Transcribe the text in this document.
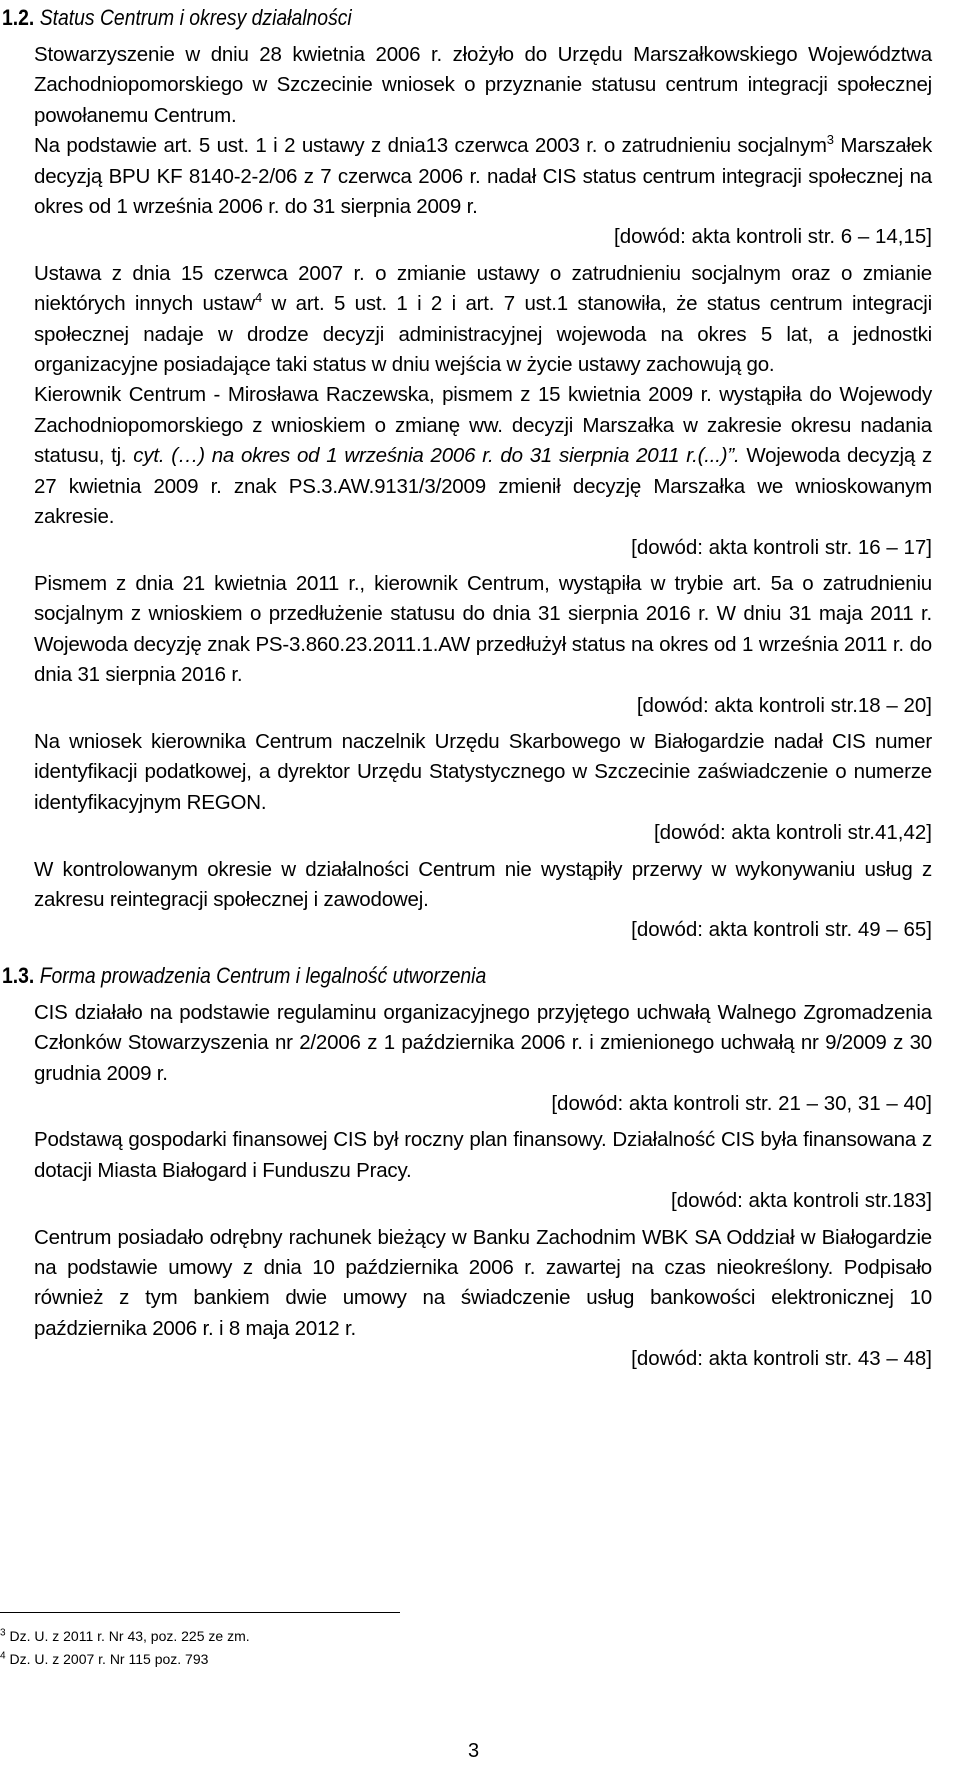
1.2. Status Centrum i okresy działalności

Stowarzyszenie w dniu 28 kwietnia 2006 r. złożyło do Urzędu Marszałkowskiego Województwa Zachodniopomorskiego w Szczecinie wniosek o przyznanie statusu centrum integracji społecznej powołanemu Centrum.

Na podstawie art. 5 ust. 1 i 2 ustawy z dnia13 czerwca 2003 r. o zatrudnieniu socjalnym$^3$ Marszałek decyzją BPU KF 8140-2-2/06 z 7 czerwca 2006 r. nadał CIS status centrum integracji społecznej na okres od 1 września 2006 r. do 31 sierpnia 2009 r.

[dowód: akta kontroli str. 6 – 14,15]

Ustawa z dnia 15 czerwca 2007 r. o zmianie ustawy o zatrudnieniu socjalnym oraz o zmianie niektórych innych ustaw$^4$ w art. 5 ust. 1 i 2 i art. 7 ust.1 stanowiła, że status centrum integracji społecznej nadaje w drodze decyzji administracyjnej wojewoda na okres 5 lat, a jednostki organizacyjne posiadające taki status w dniu wejścia w życie ustawy zachowują go.

Kierownik Centrum - Mirosława Raczewska, pismem z 15 kwietnia 2009 r. wystąpiła do Wojewody Zachodniopomorskiego z wnioskiem o zmianę ww. decyzji Marszałka w zakresie okresu nadania statusu, tj. cyt. (…) na okres od 1 września 2006 r. do 31 sierpnia 2011 r.(...)”. Wojewoda decyzją z 27 kwietnia 2009 r. znak PS.3.AW.9131/3/2009 zmienił decyzję Marszałka we wnioskowanym zakresie.

[dowód: akta kontroli str. 16 – 17]

Pismem z dnia 21 kwietnia 2011 r., kierownik Centrum, wystąpiła w trybie art. 5a o zatrudnieniu socjalnym z wnioskiem o przedłużenie statusu do dnia 31 sierpnia 2016 r. W dniu 31 maja 2011 r. Wojewoda decyzję znak PS-3.860.23.2011.1.AW przedłużył status na okres od 1 września 2011 r. do dnia 31 sierpnia 2016 r.

[dowód: akta kontroli str.18 – 20]

Na wniosek kierownika Centrum naczelnik Urzędu Skarbowego w Białogardzie nadał CIS numer identyfikacji podatkowej, a dyrektor Urzędu Statystycznego w Szczecinie zaświadczenie o numerze identyfikacyjnym REGON.

[dowód: akta kontroli str.41,42]

W kontrolowanym okresie w działalności Centrum nie wystąpiły przerwy w wykonywaniu usług z zakresu reintegracji społecznej i zawodowej.

[dowód: akta kontroli str. 49 – 65]
1.3. Forma prowadzenia Centrum i legalność utworzenia

CIS działało na podstawie regulaminu organizacyjnego przyjętego uchwałą Walnego Zgromadzenia Członków Stowarzyszenia nr 2/2006 z 1 października 2006 r. i zmienionego uchwałą nr 9/2009 z 30 grudnia 2009 r.

[dowód: akta kontroli str. 21 – 30, 31 – 40]

Podstawą gospodarki finansowej CIS był roczny plan finansowy. Działalność CIS była finansowana z dotacji Miasta Białogard i Funduszu Pracy.

[dowód: akta kontroli str.183]

Centrum posiadało odrębny rachunek bieżący w Banku Zachodnim WBK SA Oddział w Białogardzie na podstawie umowy z dnia 10 października 2006 r. zawartej na czas nieokreślony. Podpisało również z tym bankiem dwie umowy na świadczenie usług bankowości elektronicznej 10 października 2006 r. i 8 maja 2012 r.

[dowód: akta kontroli str. 43 – 48]
$^3$ Dz. U. z 2011 r. Nr 43, poz. 225 ze zm.
$^4$ Dz. U. z 2007 r. Nr 115 poz. 793
3
